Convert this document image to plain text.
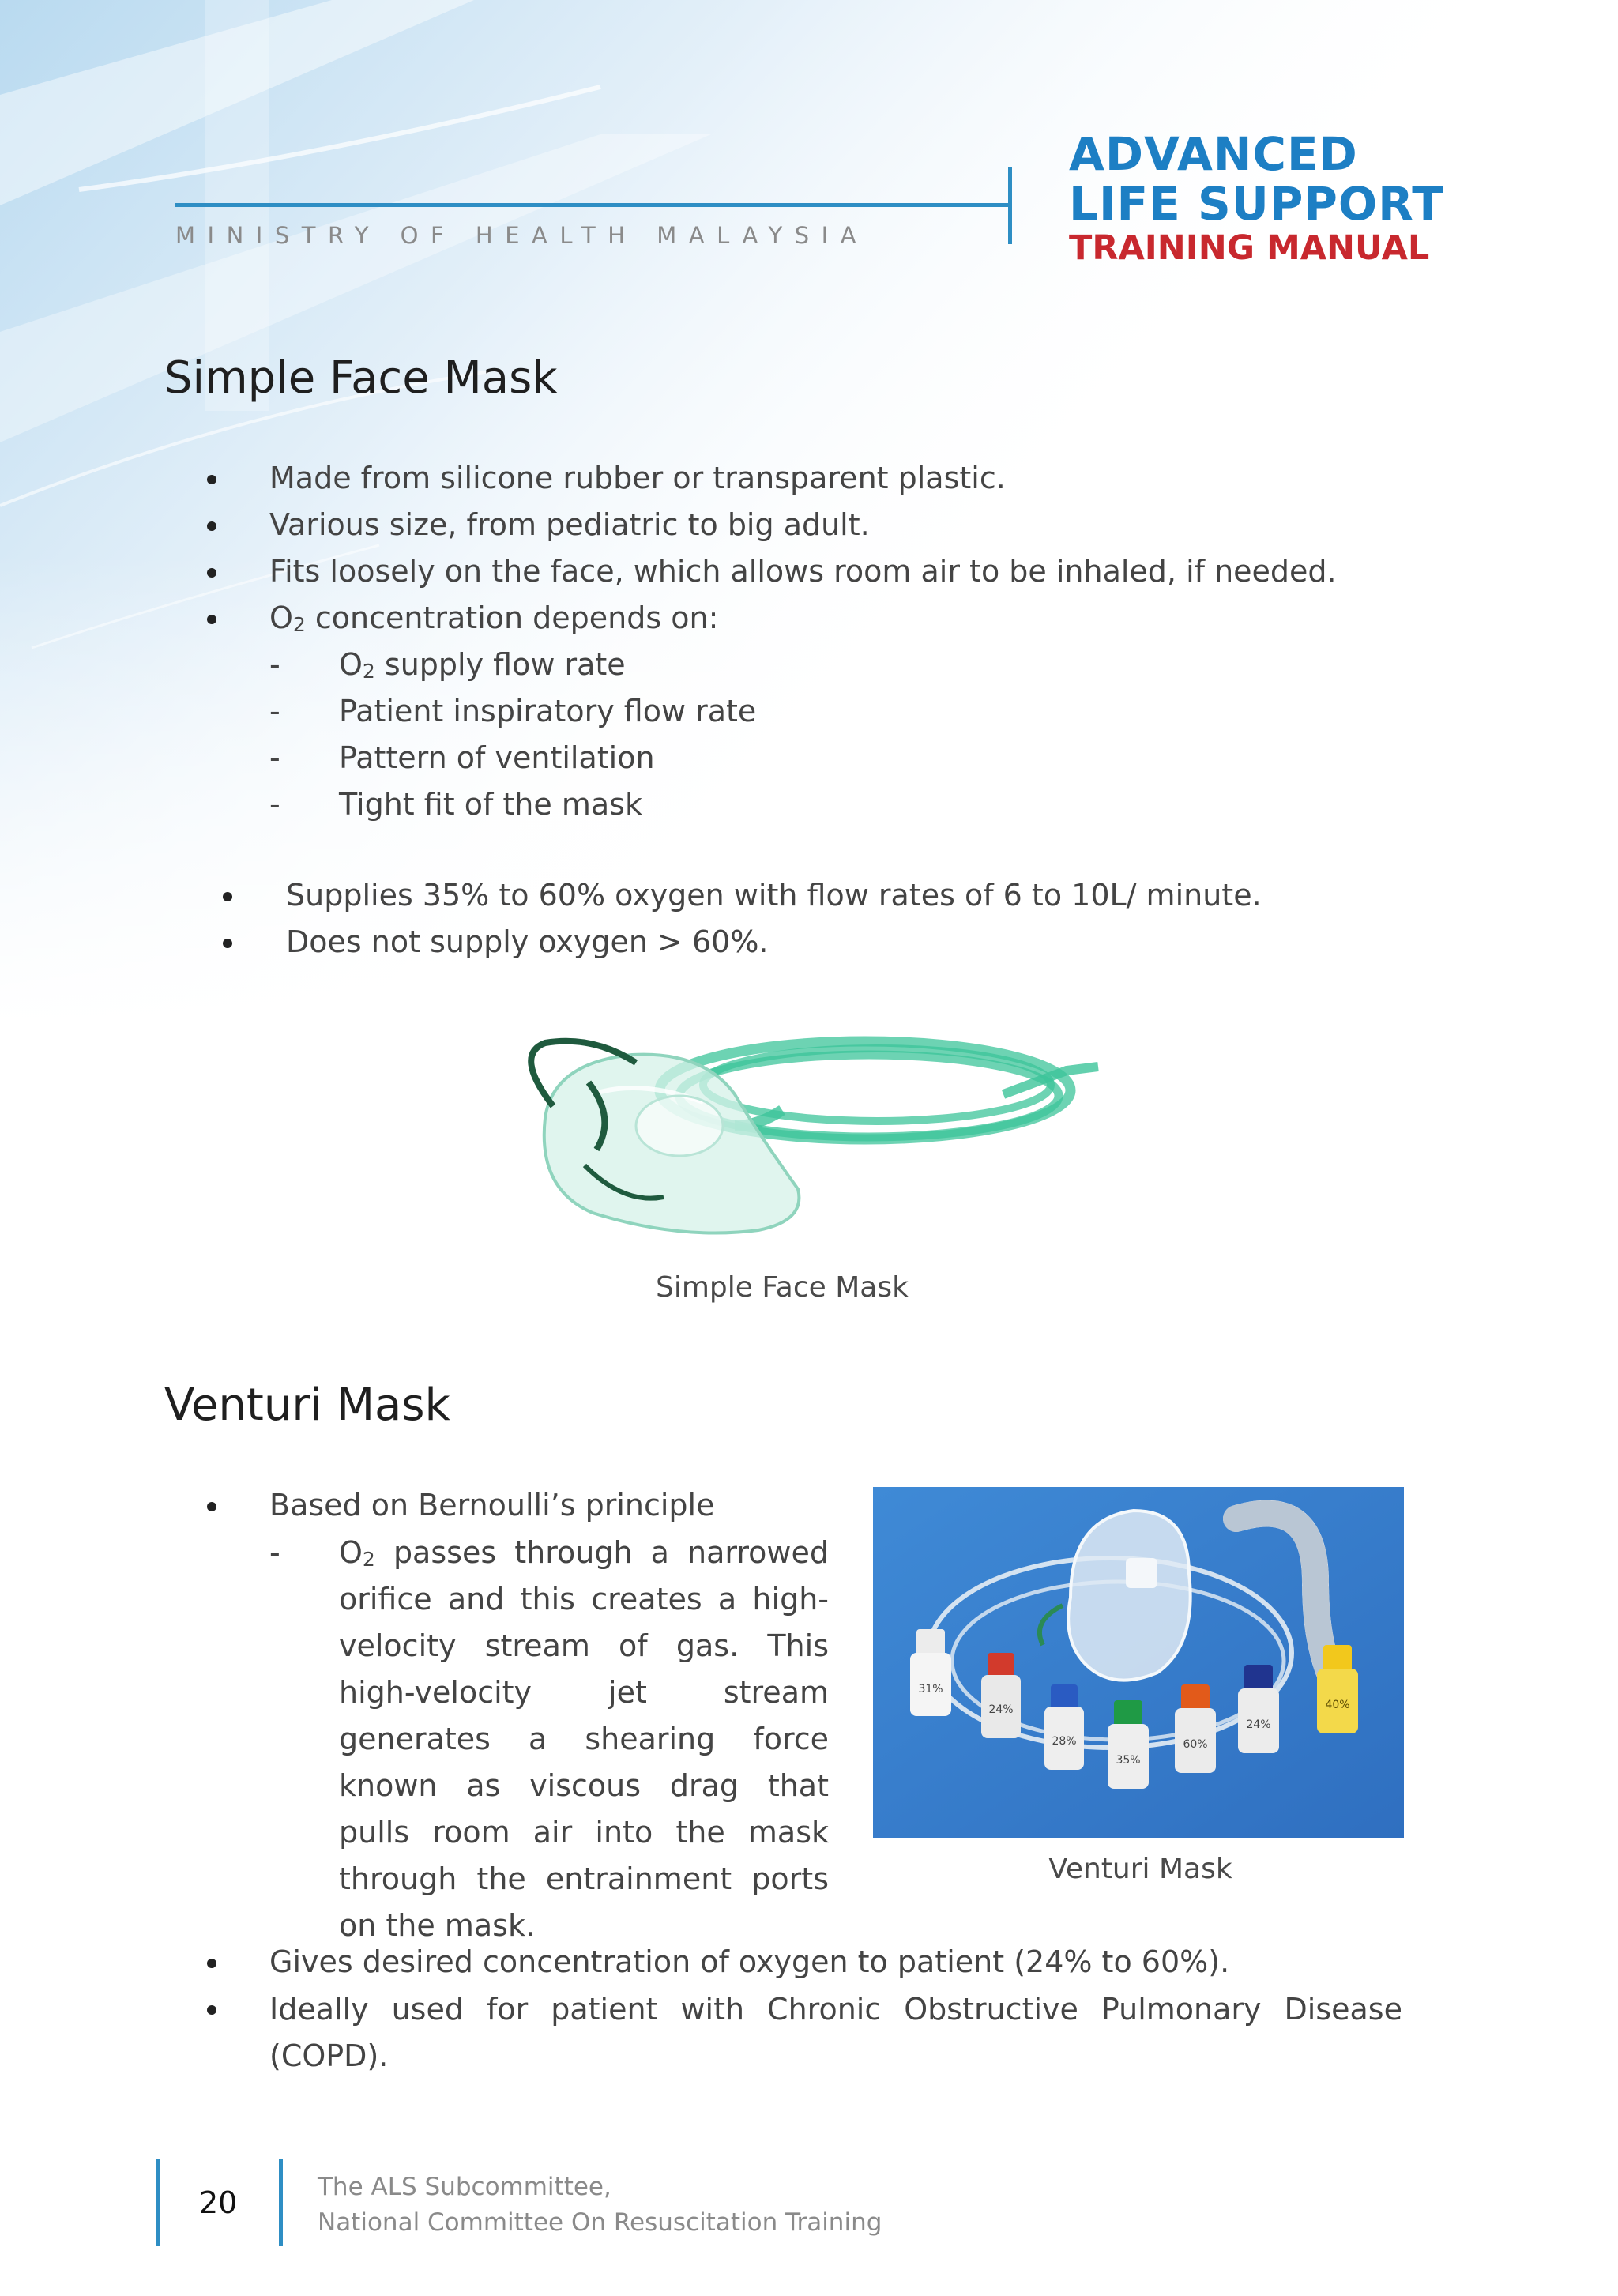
MINISTRY OF HEALTH MALAYSIA
ADVANCED
LIFE SUPPORT
TRAINING MANUAL
Simple Face Mask
Made from silicone rubber or transparent plastic.
Various size, from pediatric to big adult.
Fits loosely on the face, which allows room air to be inhaled, if needed.
$O_2$ concentration depends on:
- $O_2$ supply flow rate
- Patient inspiratory flow rate
- Pattern of ventilation
- Tight fit of the mask
Supplies 35% to 60% oxygen with flow rates of 6 to 10L/ minute.
Does not supply oxygen > 60%.
Simple Face Mask
Venturi Mask
Based on Bernoulli’s principle
- $O_2$ passes through a narrowed orifice and this creates a high-velocity stream of gas. This high-velocity jet stream generates a shearing force known as viscous drag that pulls room air into the mask through the entrainment ports on the mask.
31%
24%
28%
35%
60%
24%
40%
Venturi Mask
Gives desired concentration of oxygen to patient (24% to 60%).
Ideally used for patient with Chronic Obstructive Pulmonary Disease (COPD).
20	The ALS Subcommittee,
National Committee On Resuscitation Training
